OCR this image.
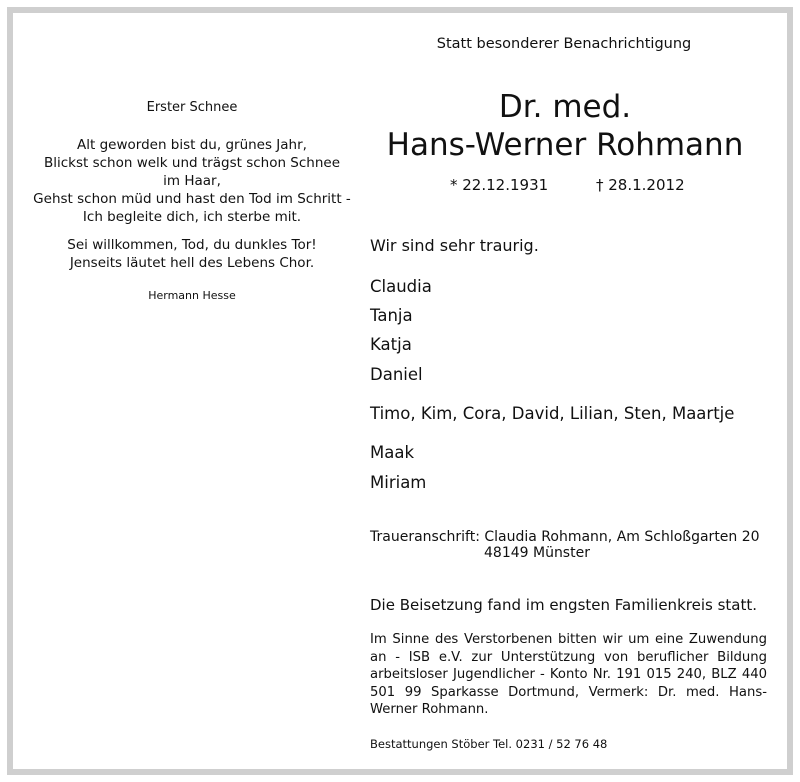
Erster Schnee
Alt geworden bist du, grünes Jahr,
Blickst schon welk und trägst schon Schnee
im Haar,
Gehst schon müd und hast den Tod im Schritt -
Ich begleite dich, ich sterbe mit.
Sei willkommen, Tod, du dunkles Tor!
Jenseits läutet hell des Lebens Chor.
Hermann Hesse
Statt besonderer Benachrichtigung
Dr. med.
Hans-Werner Rohmann
* 22.12.1931	† 28.1.2012
Wir sind sehr traurig.
Claudia
Tanja
Katja
Daniel
Timo, Kim, Cora, David, Lilian, Sten, Maartje
Maak
Miriam
Traueranschrift: Claudia Rohmann, Am Schloßgarten 20
48149 Münster
Die Beisetzung fand im engsten Familienkreis statt.
Im Sinne des Verstorbenen bitten wir um eine Zuwendung an - ISB e.V. zur Unterstützung von beruflicher Bildung arbeitsloser Jugendlicher - Konto Nr. 191 015 240, BLZ 440 501 99 Sparkasse Dortmund, Vermerk: Dr. med. Hans-Werner Rohmann.
Bestattungen Stöber Tel. 0231 / 52 76 48
